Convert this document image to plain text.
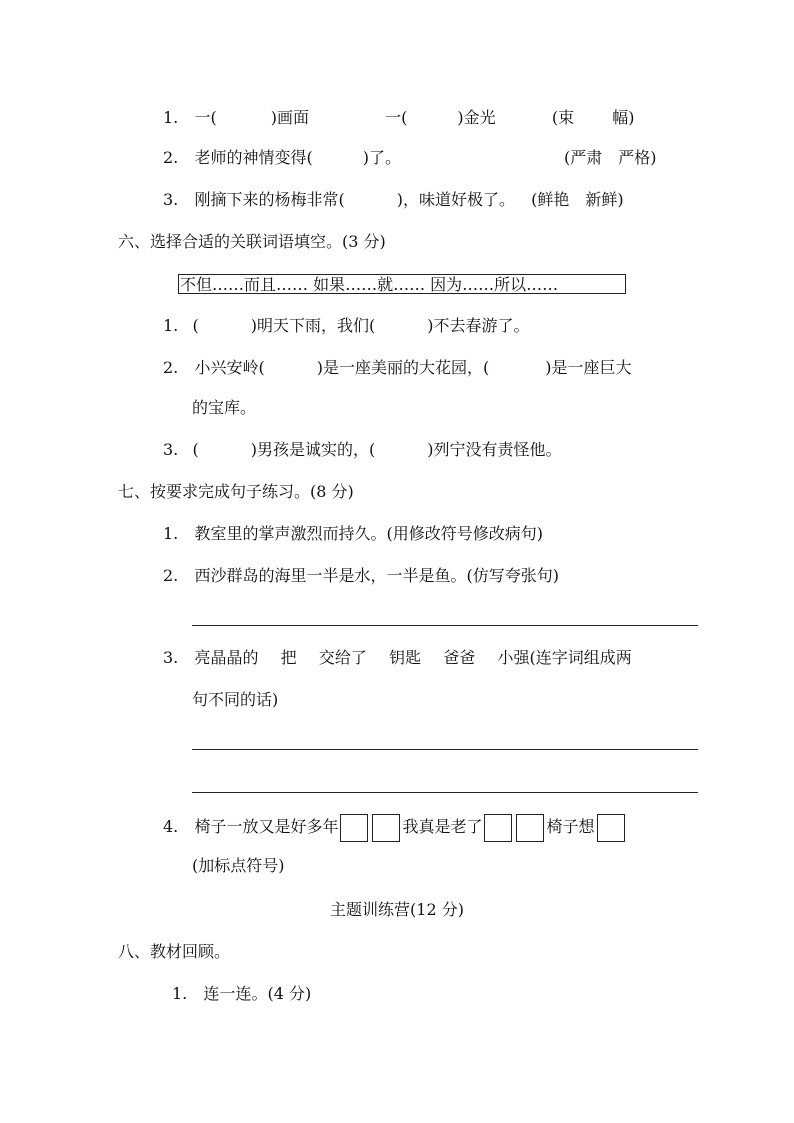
1. 一(	)画面	一(	)金光	(束 幅)
2. 老师的神情变得(	)了。	(严肃　严格)
3. 刚摘下来的杨梅非常(	)，味道好极了。 (鲜艳　新鲜)
六、选择合适的关联词语填空。(3 分)
不但……而且…… 如果……就…… 因为……所以……
1. (	)明天下雨，我们(	)不去春游了。
2. 小兴安岭(	)是一座美丽的大花园，(	)是一座巨大
的宝库。
3. (	)男孩是诚实的，(	)列宁没有责怪他。
七、按要求完成句子练习。(8 分)
1. 教室里的掌声激烈而持久。(用修改符号修改病句)
2. 西沙群岛的海里一半是水，一半是鱼。(仿写夸张句)
3. 亮晶晶的 把 交给了 钥匙 爸爸 小强(连字词组成两
句不同的话)
4. 椅子一放又是好多年	我真是老了	椅子想
(加标点符号)
主题训练营(12 分)
八、教材回顾。
1. 连一连。(4 分)
